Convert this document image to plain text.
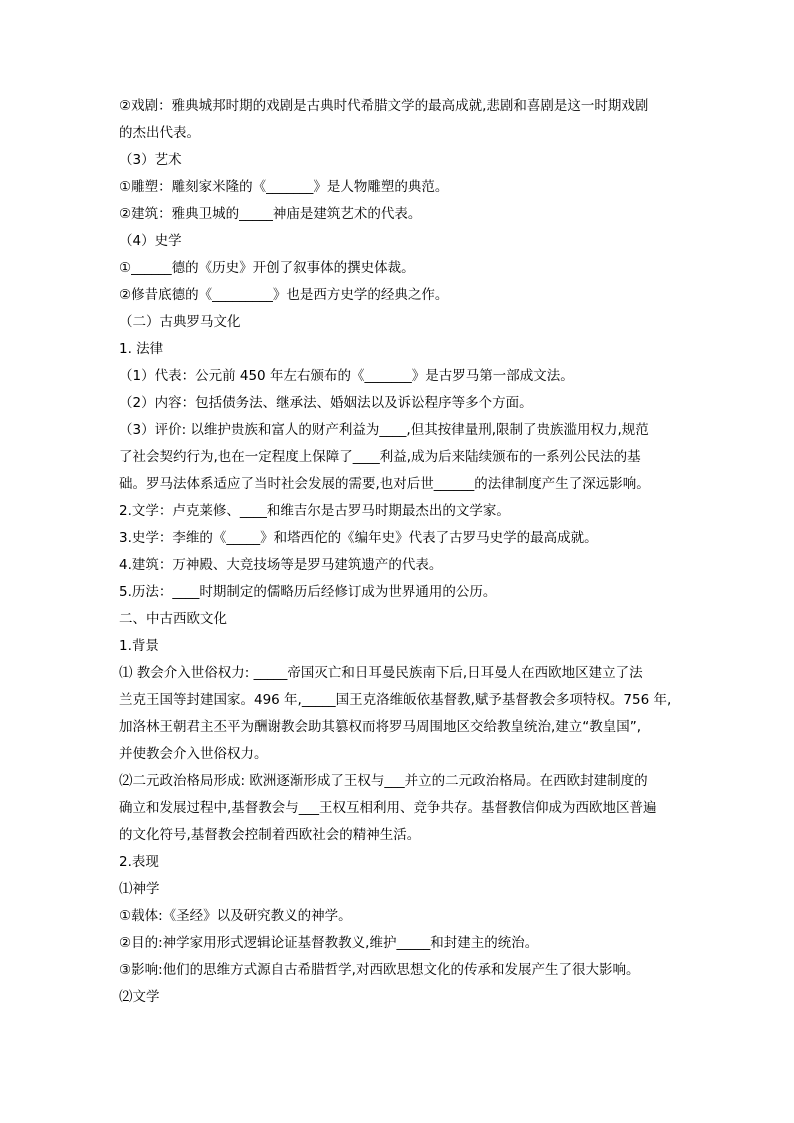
②戏剧：雅典城邦时期的戏剧是古典时代希腊文学的最高成就,悲剧和喜剧是这一时期戏剧
的杰出代表。
（3）艺术
①雕塑：雕刻家米隆的《_______》是人物雕塑的典范。
②建筑：雅典卫城的_____神庙是建筑艺术的代表。
（4）史学
①______德的《历史》开创了叙事体的撰史体裁。
②修昔底德的《_________》也是西方史学的经典之作。
（二）古典罗马文化
1. 法律
（1）代表：公元前 450 年左右颁布的《_______》是古罗马第一部成文法。
（2）内容：包括债务法、继承法、婚姻法以及诉讼程序等多个方面。
（3）评价: 以维护贵族和富人的财产利益为____,但其按律量刑,限制了贵族滥用权力,规范
了社会契约行为,也在一定程度上保障了____利益,成为后来陆续颁布的一系列公民法的基
础。罗马法体系适应了当时社会发展的需要,也对后世______的法律制度产生了深远影响。
2.文学：卢克莱修、____和维吉尔是古罗马时期最杰出的文学家。
3.史学：李维的《_____》和塔西佗的《编年史》代表了古罗马史学的最高成就。
4.建筑：万神殿、大竞技场等是罗马建筑遗产的代表。
5.历法：____时期制定的儒略历后经修订成为世界通用的公历。
二、中古西欧文化
1.背景
⑴ 教会介入世俗权力: _____帝国灭亡和日耳曼民族南下后,日耳曼人在西欧地区建立了法
兰克王国等封建国家。496 年,_____国王克洛维皈依基督教,赋予基督教会多项特权。756 年,
加洛林王朝君主丕平为酬谢教会助其篡权而将罗马周围地区交给教皇统治,建立“教皇国”,
并使教会介入世俗权力。
⑵二元政治格局形成: 欧洲逐渐形成了王权与___并立的二元政治格局。在西欧封建制度的
确立和发展过程中,基督教会与___王权互相利用、竞争共存。基督教信仰成为西欧地区普遍
的文化符号,基督教会控制着西欧社会的精神生活。
2.表现
⑴神学
①载体:《圣经》以及研究教义的神学。
②目的:神学家用形式逻辑论证基督教教义,维护_____和封建主的统治。
③影响:他们的思维方式源自古希腊哲学,对西欧思想文化的传承和发展产生了很大影响。
⑵文学
